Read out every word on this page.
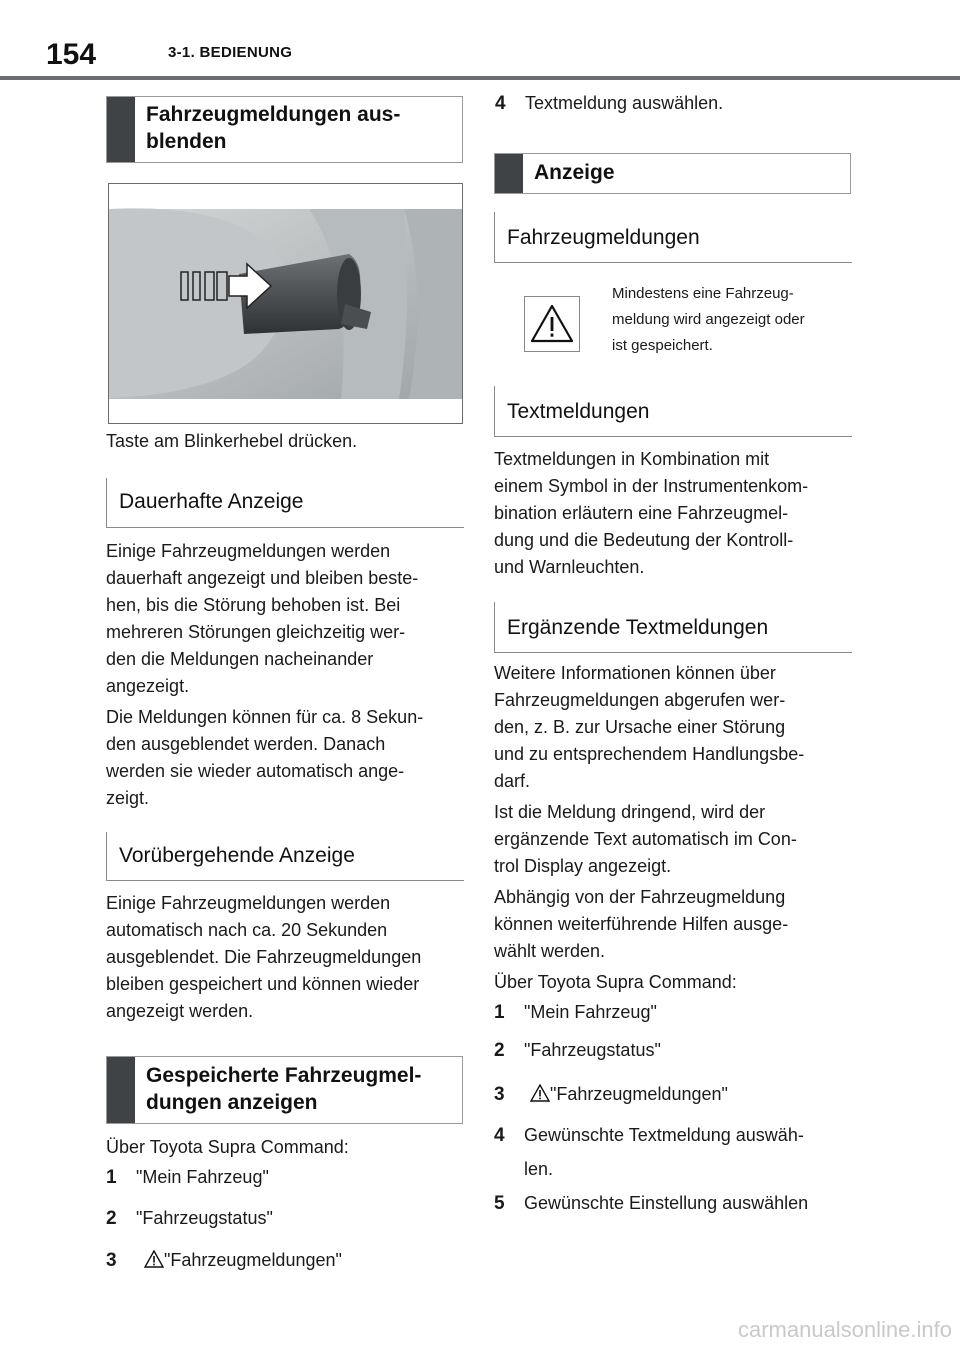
154	3-1. BEDIENUNG
Fahrzeugmeldungen aus-
blenden
Taste am Blinkerhebel drücken.
Dauerhafte Anzeige
Einige Fahrzeugmeldungen werden
dauerhaft angezeigt und bleiben beste-
hen, bis die Störung behoben ist. Bei
mehreren Störungen gleichzeitig wer-
den die Meldungen nacheinander
angezeigt.
Die Meldungen können für ca. 8 Sekun-
den ausgeblendet werden. Danach
werden sie wieder automatisch ange-
zeigt.
Vorübergehende Anzeige
Einige Fahrzeugmeldungen werden
automatisch nach ca. 20 Sekunden
ausgeblendet. Die Fahrzeugmeldungen
bleiben gespeichert und können wieder
angezeigt werden.
Gespeicherte Fahrzeugmel-
dungen anzeigen
Über Toyota Supra Command:
1 "Mein Fahrzeug"
2 "Fahrzeugstatus"
3	"Fahrzeugmeldungen"
4 Textmeldung auswählen.
Anzeige
Fahrzeugmeldungen
Mindestens eine Fahrzeug-
meldung wird angezeigt oder
ist gespeichert.
Textmeldungen
Textmeldungen in Kombination mit
einem Symbol in der Instrumentenkom-
bination erläutern eine Fahrzeugmel-
dung und die Bedeutung der Kontroll-
und Warnleuchten.
Ergänzende Textmeldungen
Weitere Informationen können über
Fahrzeugmeldungen abgerufen wer-
den, z. B. zur Ursache einer Störung
und zu entsprechendem Handlungsbe-
darf.
Ist die Meldung dringend, wird der
ergänzende Text automatisch im Con-
trol Display angezeigt.
Abhängig von der Fahrzeugmeldung
können weiterführende Hilfen ausge-
wählt werden.
Über Toyota Supra Command:
1 "Mein Fahrzeug"
2 "Fahrzeugstatus"
3	"Fahrzeugmeldungen"
4 Gewünschte Textmeldung auswäh-
len.
5 Gewünschte Einstellung auswählen
carmanualsonline.info
